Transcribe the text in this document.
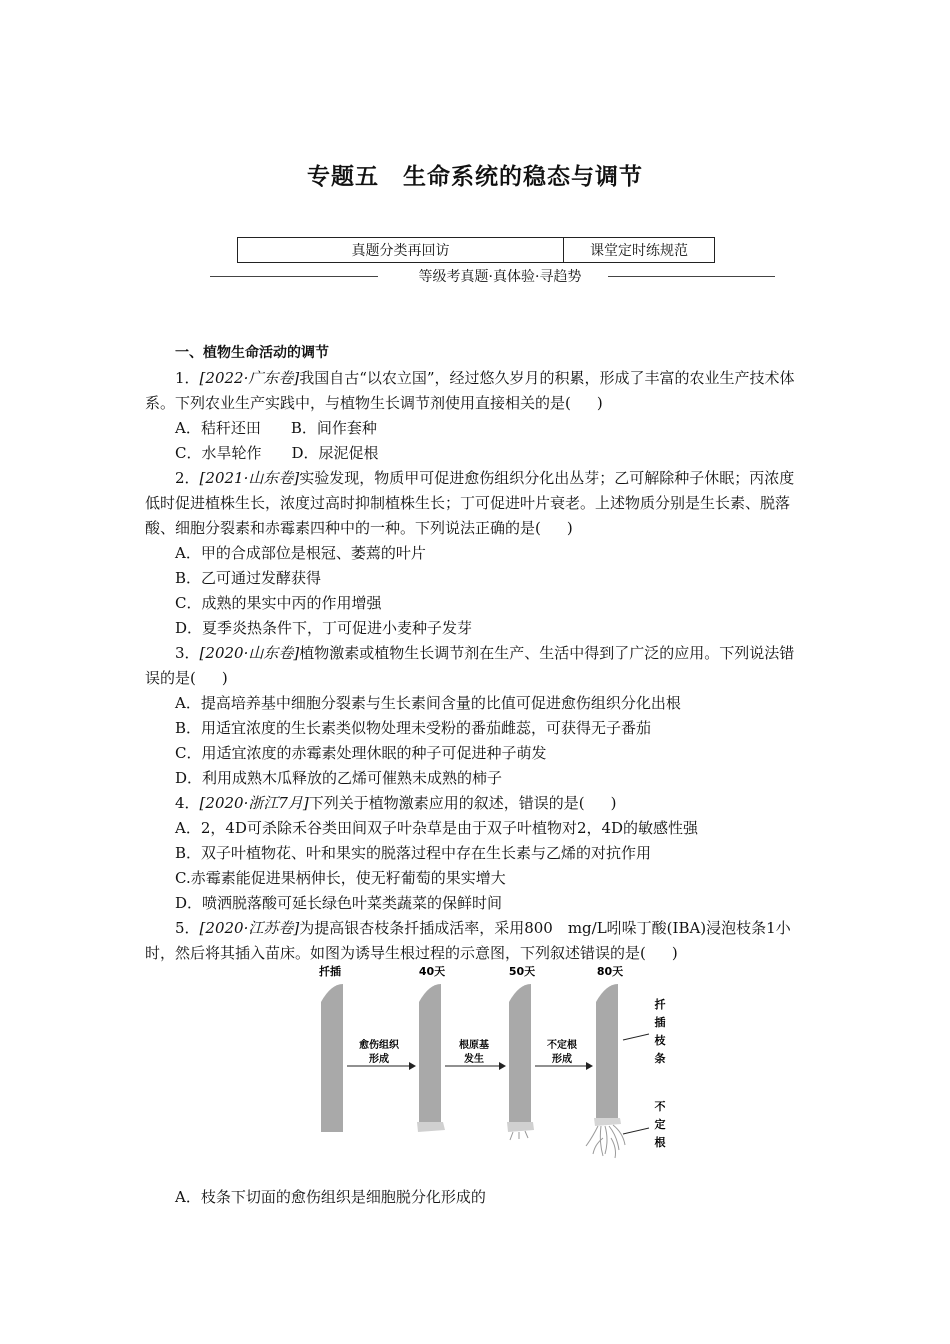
专题五　生命系统的稳态与调节
真题分类再回访	课堂定时练规范
等级考真题·真体验·寻趋势

一、植物生命活动的调节

1．[2022·广东卷]我国自古“以农立国”，经过悠久岁月的积累，形成了丰富的农业生产技术体系。下列农业生产实践中，与植物生长调节剂使用直接相关的是( )

A．秸秆还田 B．间作套种

C．水旱轮作 D．尿泥促根

2．[2021·山东卷]实验发现，物质甲可促进愈伤组织分化出丛芽；乙可解除种子休眠；丙浓度低时促进植株生长，浓度过高时抑制植株生长；丁可促进叶片衰老。上述物质分别是生长素、脱落酸、细胞分裂素和赤霉素四种中的一种。下列说法正确的是( )

A．甲的合成部位是根冠、萎蔫的叶片

B．乙可通过发酵获得

C．成熟的果实中丙的作用增强

D．夏季炎热条件下，丁可促进小麦种子发芽

3．[2020·山东卷]植物激素或植物生长调节剂在生产、生活中得到了广泛的应用。下列说法错误的是( )

A．提高培养基中细胞分裂素与生长素间含量的比值可促进愈伤组织分化出根

B．用适宜浓度的生长素类似物处理未受粉的番茄雌蕊，可获得无子番茄

C．用适宜浓度的赤霉素处理休眠的种子可促进种子萌发

D．利用成熟木瓜释放的乙烯可催熟未成熟的柿子

4．[2020·浙江7月]下列关于植物激素应用的叙述，错误的是( )

A．2，4D可杀除禾谷类田间双子叶杂草是由于双子叶植物对2，4D的敏感性强

B．双子叶植物花、叶和果实的脱落过程中存在生长素与乙烯的对抗作用

C.赤霉素能促进果柄伸长，使无籽葡萄的果实增大

D．喷洒脱落酸可延长绿色叶菜类蔬菜的保鲜时间

5．[2020·江苏卷]为提高银杏枝条扦插成活率，采用800　mg/L吲哚丁酸(IBA)浸泡枝条1小时，然后将其插入苗床。如图为诱导生根过程的示意图，下列叙述错误的是( )

扦插	40天	50天	80天
愈伤组织
形成
根原基
发生
不定根
形成
扦
插
枝
条
不
定
根

A．枝条下切面的愈伤组织是细胞脱分化形成的
